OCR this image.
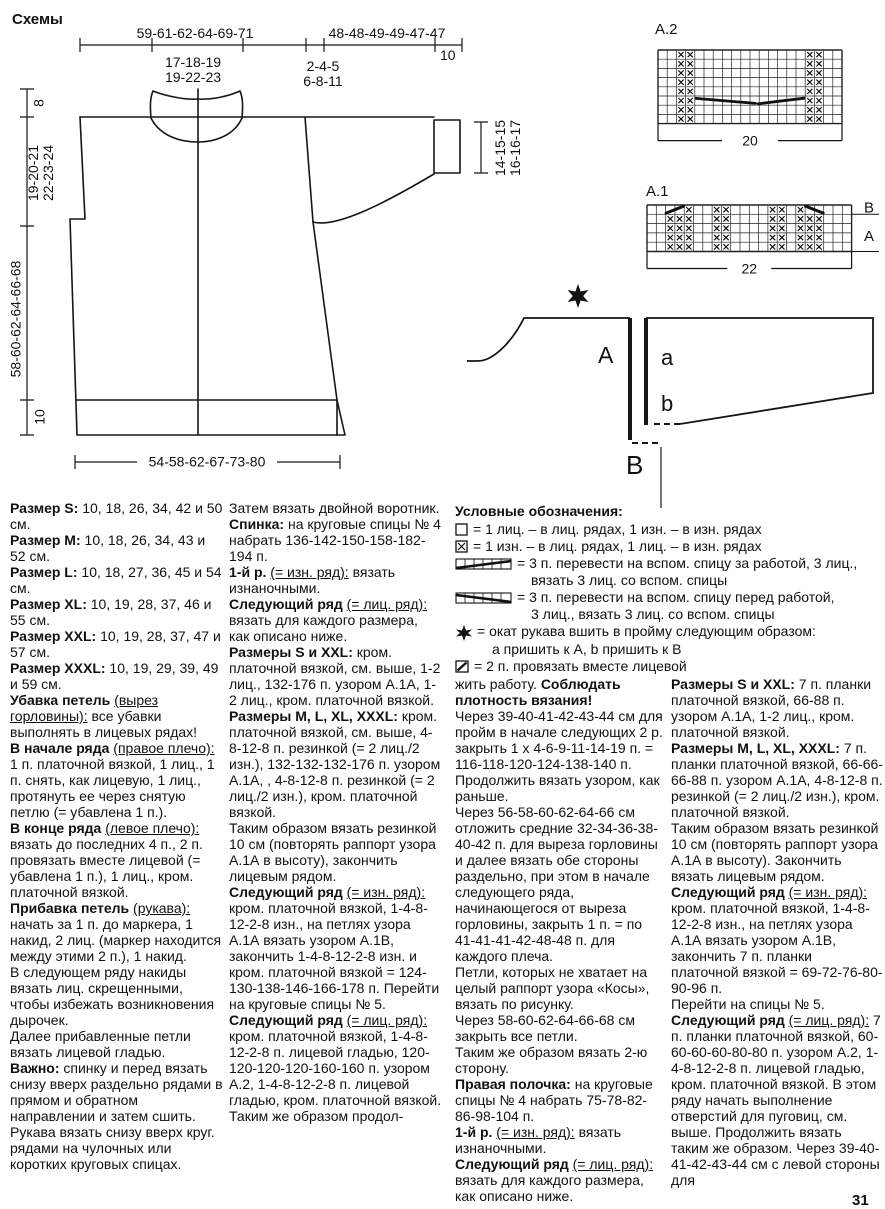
Схемы
59-61-62-64-69-71	48-48-49-49-47-47
10
17-18-19
19-22-23
2-4-5
6-8-11
8
19-20-21 22-23-24
58-60-62-64-66-68
10
14-15-15 16-16-17
54-58-62-67-73-80
A a
b
B
A.2
20
A.1
B
A
22
Условные обозначения:
= 1 лиц. – в лиц. рядах, 1 изн. – в изн. рядах
= 1 изн. – в лиц. рядах, 1 лиц. – в изн. рядах
= 3 п. перевести на вспом. спицу за работой, 3 лиц.,
вязать 3 лиц. со вспом. спицы
= 3 п. перевести на вспом. спицу перед работой,
3 лиц., вязать 3 лиц. со вспом. спицы
= окат рукава вшить в пройму следующим образом:
а пришить к A, b пришить к B
= 2 п. провязать вместе лицевой

Размер S: 10, 18, 26, 34, 42 и 50 см.

Размер M: 10, 18, 26, 34, 43 и 52 см.

Размер L: 10, 18, 27, 36, 45 и 54 см.

Размер XL: 10, 19, 28, 37, 46 и 55 см.

Размер XXL: 10, 19, 28, 37, 47 и 57 см.

Размер XXXL: 10, 19, 29, 39, 49 и 59 см.

Убавка петель (вырез горловины): все убавки выполнять в лицевых рядах!

В начале ряда (правое плечо): 1 п. платочной вязкой, 1 лиц., 1 п. снять, как лицевую, 1 лиц., протянуть ее через снятую петлю (= убавлена 1 п.).

В конце ряда (левое плечо): вязать до последних 4 п., 2 п. провязать вместе лицевой (= убавлена 1 п.), 1 лиц., кром. платочной вязкой.

Прибавка петель (рукава): начать за 1 п. до маркера, 1 накид, 2 лиц. (маркер находится между этими 2 п.), 1 накид.

В следующем ряду накиды вязать лиц. скрещенными, чтобы избежать возникновения дырочек.

Далее прибавленные петли вязать лицевой гладью.

Важно: спинку и перед вязать снизу вверх раздельно рядами в прямом и обратном направлении и затем сшить. Рукава вязать снизу вверх круг. рядами на чулочных или коротких круговых спицах.

Затем вязать двойной воротник.

Спинка: на круговые спицы № 4 набрать 136-142-150-158-182-194 п.

1-й р. (= изн. ряд): вязать изнаночными.

Следующий ряд (= лиц. ряд): вязать для каждого размера, как описано ниже.

Размеры S и XXL: кром. платочной вязкой, см. выше, 1-2 лиц., 132-176 п. узором А.1А, 1-2 лиц., кром. платочной вязкой.

Размеры M, L, XL, XXXL: кром. платочной вязкой, см. выше, 4-8-12-8 п. резинкой (= 2 лиц./2 изн.), 132-132-132-176 п. узором А.1А, , 4-8-12-8 п. резинкой (= 2 лиц./2 изн.), кром. платочной вязкой.

Таким образом вязать резинкой 10 см (повторять раппорт узора А.1А в высоту), закончить лицевым рядом.

Следующий ряд (= изн. ряд): кром. платочной вязкой, 1-4-8-12-2-8 изн., на петлях узора А.1А вязать узором А.1В, закончить 1-4-8-12-2-8 изн. и кром. платочной вязкой = 124-130-138-146-166-178 п. Перейти на круговые спицы № 5.

Следующий ряд (= лиц. ряд): кром. платочной вязкой, 1-4-8-12-2-8 п. лицевой гладью, 120-120-120-120-160-160 п. узором А.2, 1-4-8-12-2-8 п. лицевой гладью, кром. платочной вязкой.

Таким же образом продол-

жить работу. Соблюдать плотность вязания!

Через 39-40-41-42-43-44 см для пройм в начале следующих 2 р. закрыть 1 х 4-6-9-11-14-19 п. = 116-118-120-124-138-140 п. Продолжить вязать узором, как раньше.

Через 56-58-60-62-64-66 см отложить средние 32-34-36-38-40-42 п. для выреза горловины и далее вязать обе стороны раздельно, при этом в начале следующего ряда, начинающегося от выреза горловины, закрыть 1 п. = по 41-41-41-42-48-48 п. для каждого плеча.

Петли, которых не хватает на целый раппорт узора «Косы», вязать по рисунку.

Через 58-60-62-64-66-68 см закрыть все петли.

Таким же образом вязать 2-ю сторону.

Правая полочка: на круговые спицы № 4 набрать 75-78-82-86-98-104 п.

1-й р. (= изн. ряд): вязать изнаночными.

Следующий ряд (= лиц. ряд): вязать для каждого размера, как описано ниже.

Размеры S и XXL: 7 п. планки платочной вязкой, 66-88 п. узором А.1А, 1-2 лиц., кром. платочной вязкой.

Размеры M, L, XL, XXXL: 7 п. планки платочной вязкой, 66-66-66-88 п. узором А.1А, 4-8-12-8 п. резинкой (= 2 лиц./2 изн.), кром. платочной вязкой.

Таким образом вязать резинкой 10 см (повторять раппорт узора А.1А в высоту). Закончить вязать лицевым рядом.

Следующий ряд (= изн. ряд): кром. платочной вязкой, 1-4-8-12-2-8 изн., на петлях узора А.1А вязать узором А.1В, закончить 7 п. планки платочной вязкой = 69-72-76-80-90-96 п.

Перейти на спицы № 5.

Следующий ряд (= лиц. ряд): 7 п. планки платочной вязкой, 60-60-60-60-80-80 п. узором А.2, 1-4-8-12-2-8 п. лицевой гладью, кром. платочной вязкой. В этом ряду начать выполнение отверстий для пуговиц, см. выше. Продолжить вязать таким же образом. Через 39-40-41-42-43-44 см с левой стороны для

31
